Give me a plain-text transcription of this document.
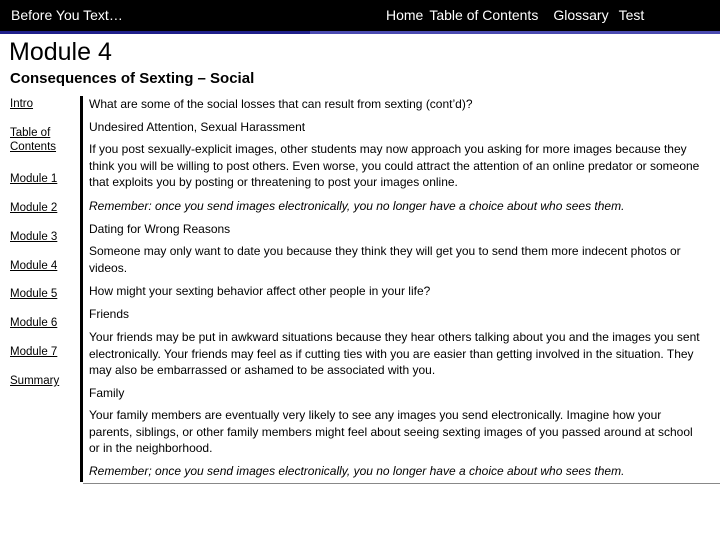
Before You Text…	Home Table of Contents Glossary Test
Module 4
Consequences of Sexting – Social
Intro
Table of Contents
Module 1
Module 2
Module 3
Module 4
Module 5
Module 6
Module 7
Summary

What are some of the social losses that can result from sexting (cont’d)?

Undesired Attention, Sexual Harassment

If you post sexually-explicit images, other students may now approach you asking for more images because they think you will be willing to post others. Even worse, you could attract the attention of an online predator or someone that exploits you by posting or threatening to post your images online.

Remember: once you send images electronically, you no longer have a choice about who sees them.

Dating for Wrong Reasons

Someone may only want to date you because they think they will get you to send them more indecent photos or videos.

How might your sexting behavior affect other people in your life?

Friends

Your friends may be put in awkward situations because they hear others talking about you and the images you sent electronically. Your friends may feel as if cutting ties with you are easier than getting involved in the situation. They may also be embarrassed or ashamed to be associated with you.

Family

Your family members are eventually very likely to see any images you send electronically. Imagine how your parents, siblings, or other family members might feel about seeing sexting images of you passed around at school or in the neighborhood.

Remember; once you send images electronically, you no longer have a choice about who sees them.
